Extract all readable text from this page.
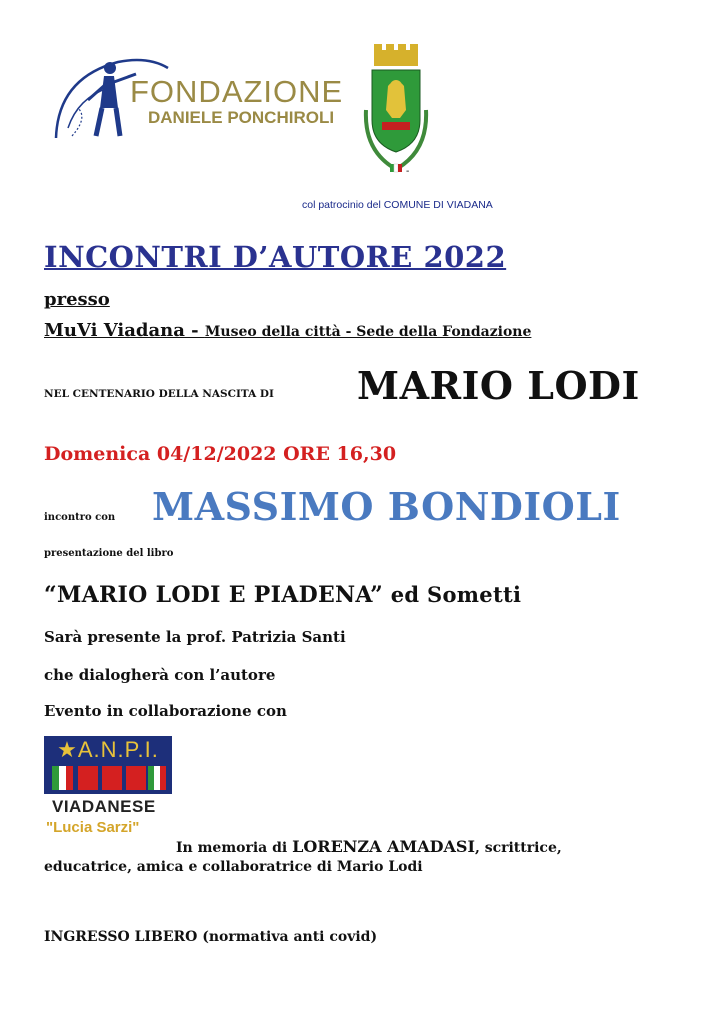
FONDAZIONE
DANIELE PONCHIROLI
-
col patrocinio del COMUNE DI VIADANA
INCONTRI D’AUTORE 2022
presso
MuVi Viadana - Museo della città - Sede della Fondazione
NEL CENTENARIO DELLA NASCITA DI MARIO LODI
Domenica 04/12/2022 ORE 16,30
incontro con MASSIMO BONDIOLI
presentazione del libro
“MARIO LODI E PIADENA” ed Sometti
Sarà presente la prof. Patrizia Santi
che dialogherà con l’autore
Evento in collaborazione con
★A.N.P.I.
VIADANESE
"Lucia Sarzi"
In memoria di LORENZA AMADASI, scrittrice,
educatrice, amica e collaboratrice di Mario Lodi
INGRESSO LIBERO (normativa anti covid)
